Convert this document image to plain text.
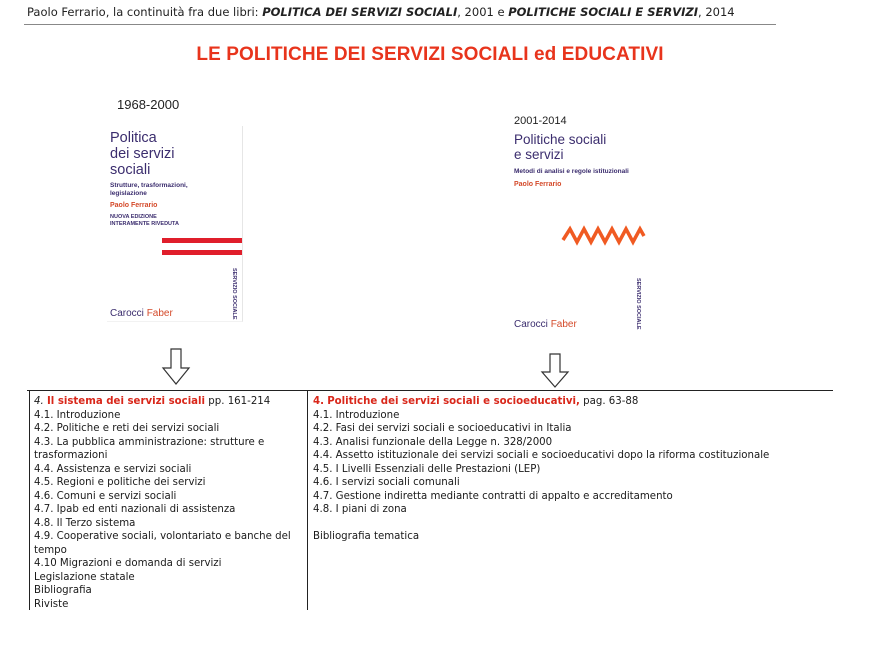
Paolo Ferrario, la continuità fra due libri: POLITICA DEI SERVIZI SOCIALI, 2001 e POLITICHE SOCIALI E SERVIZI, 2014
LE POLITICHE DEI SERVIZI SOCIALI ed EDUCATIVI
1968-2000
Politica
dei servizi
sociali
Strutture, trasformazioni,
legislazione
Paolo Ferrario
NUOVA EDIZIONE
INTERAMENTE RIVEDUTA
SERVIZIO SOCIALE
Carocci Faber
2001-2014
Politiche sociali
e servizi
Metodi di analisi e regole istituzionali
Paolo Ferrario
SERVIZIO SOCIALE
Carocci Faber
4. Il sistema dei servizi sociali pp. 161-214
4.1. Introduzione
4.2. Politiche e reti dei servizi sociali
4.3. La pubblica amministrazione: strutture e trasformazioni
4.4. Assistenza e servizi sociali
4.5. Regioni e politiche dei servizi
4.6. Comuni e servizi sociali
4.7. Ipab ed enti nazionali di assistenza
4.8. Il Terzo sistema
4.9. Cooperative sociali, volontariato e banche del tempo
4.10 Migrazioni e domanda di servizi
Legislazione statale
Bibliografia
Riviste
4. Politiche dei servizi sociali e socioeducativi, pag. 63-88
4.1. Introduzione
4.2. Fasi dei servizi sociali e socioeducativi in Italia
4.3. Analisi funzionale della Legge n. 328/2000
4.4. Assetto istituzionale dei servizi sociali e socioeducativi dopo la riforma costituzionale
4.5. I Livelli Essenziali delle Prestazioni (LEP)
4.6. I servizi sociali comunali
4.7. Gestione indiretta mediante contratti di appalto e accreditamento
4.8. I piani di zona
Bibliografia tematica
